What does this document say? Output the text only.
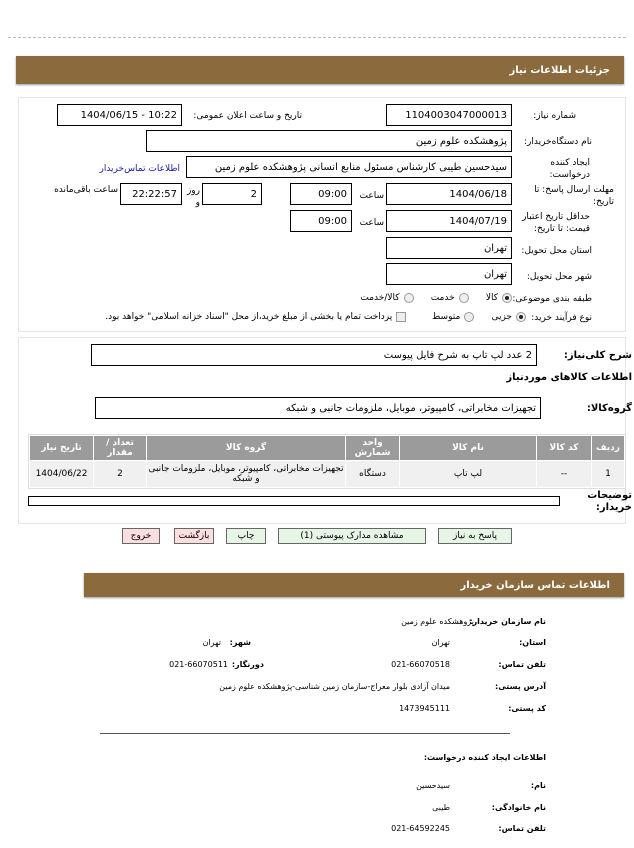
جزئیات اطلاعات نیاز
شماره نیاز:
1104003047000013
تاریخ و ساعت اعلان عمومی:
1404/06/15 - 10:22
نام دستگاه‌خریدار:
پژوهشکده علوم زمین
ایجاد کننده درخواست:
سیدحسین طیبی کارشناس مسئول منابع انسانی پژوهشکده علوم زمین
اطلاعات تماس‌خریدار
مهلت ارسال پاسخ: تا تاریخ:
1404/06/18
ساعت
09:00
2
روز و
22:22:57
ساعت باقی‌مانده
حداقل تاریخ اعتبار قیمت: تا تاریخ:
1404/07/19
ساعت
09:00
استان محل تحویل:
تهران
شهر محل تحویل:
تهران
طبقه بندی موضوعی:
کالا      خدمت      کالا/خدمت
نوع فرآیند خرید:
جزیی      متوسط         پرداخت تمام یا بخشی از مبلغ خرید،از محل "اسناد خزانه اسلامی" خواهد بود.
شرح کلی‌نیاز:
2 عدد لپ تاپ به شرح فایل پیوست
اطلاعات کالاهای موردنیاز
گروه‌کالا:
تجهیزات مخابراتی، کامپیوتر، موبایل، ملزومات جانبی و شبکه
ردیف	کد کالا	نام کالا	واحد شمارش	گروه کالا	تعداد / مقدار	تاریخ نیاز
1	--	لپ تاپ	دستگاه	تجهیزات مخابراتی، کامپیوتر، موبایل، ملزومات جانبی و شبکه	2	1404/06/22
توضیحات خریدار:
پاسخ به نیاز
مشاهده مدارک پیوستی (1)
چاپ
بازگشت
خروج
اطلاعات تماس سازمان خریدار
نام سازمان خریدار:
پژوهشکده علوم زمین
استان:
تهران
شهر:
تهران
تلفن تماس:
021-66070518
دورنگار:
021-66070511
آدرس پستی:
میدان آزادی بلوار معراج-سازمان زمین شناسی-پژوهشکده علوم زمین
کد پستی:
1473945111
اطلاعات ایجاد کننده درخواست:
نام:
سیدحسین
نام خانوادگی:
طیبی
تلفن تماس:
021-64592245
